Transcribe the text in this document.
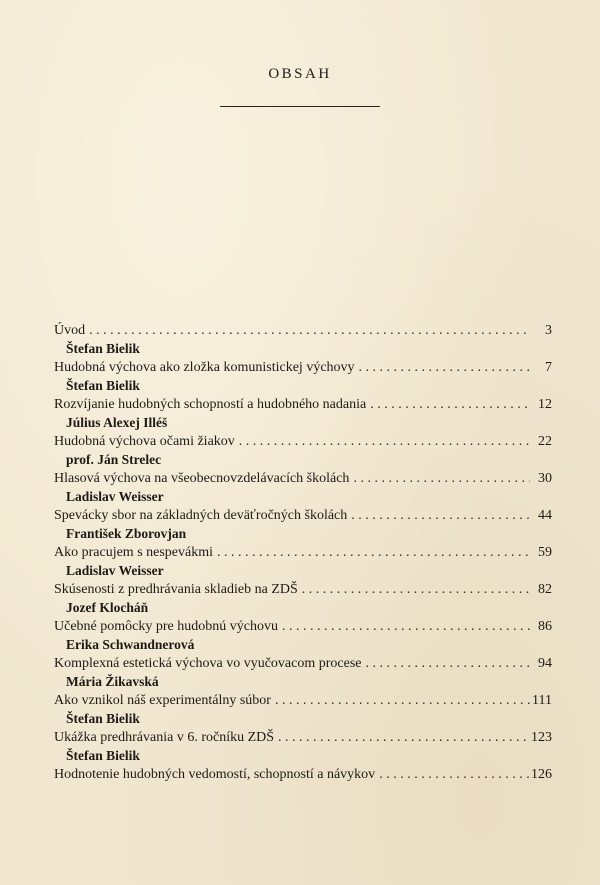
OBSAH
Úvod . . .	3
Štefan Bielik
Hudobná výchova ako zložka komunistickej výchovy . . .	7
Štefan Bielik
Rozvíjanie hudobných schopností a hudobného nadania . . .	12
Július Alexej Illéš
Hudobná výchova očami žiakov . . .	22
prof. Ján Strelec
Hlasová výchova na všeobecnovzdelávacích školách . . .	30
Ladislav Weisser
Spevácky sbor na základných deväťročných školách . . .	44
František Zborovjan
Ako pracujem s nespevákmi . . .	59
Ladislav Weisser
Skúsenosti z predhrávania skladieb na ZDŠ . . .	82
Jozef Klocháň
Učebné pomôcky pre hudobnú výchovu . . .	86
Erika Schwandnerová
Komplexná estetická výchova vo vyučovacom procese . . .	94
Mária Žikavská
Ako vznikol náš experimentálny súbor . . .	111
Štefan Bielik
Ukážka predhrávania v 6. ročníku ZDŠ . . .	123
Štefan Bielik
Hodnotenie hudobných vedomostí, schopností a návykov . . .	126
